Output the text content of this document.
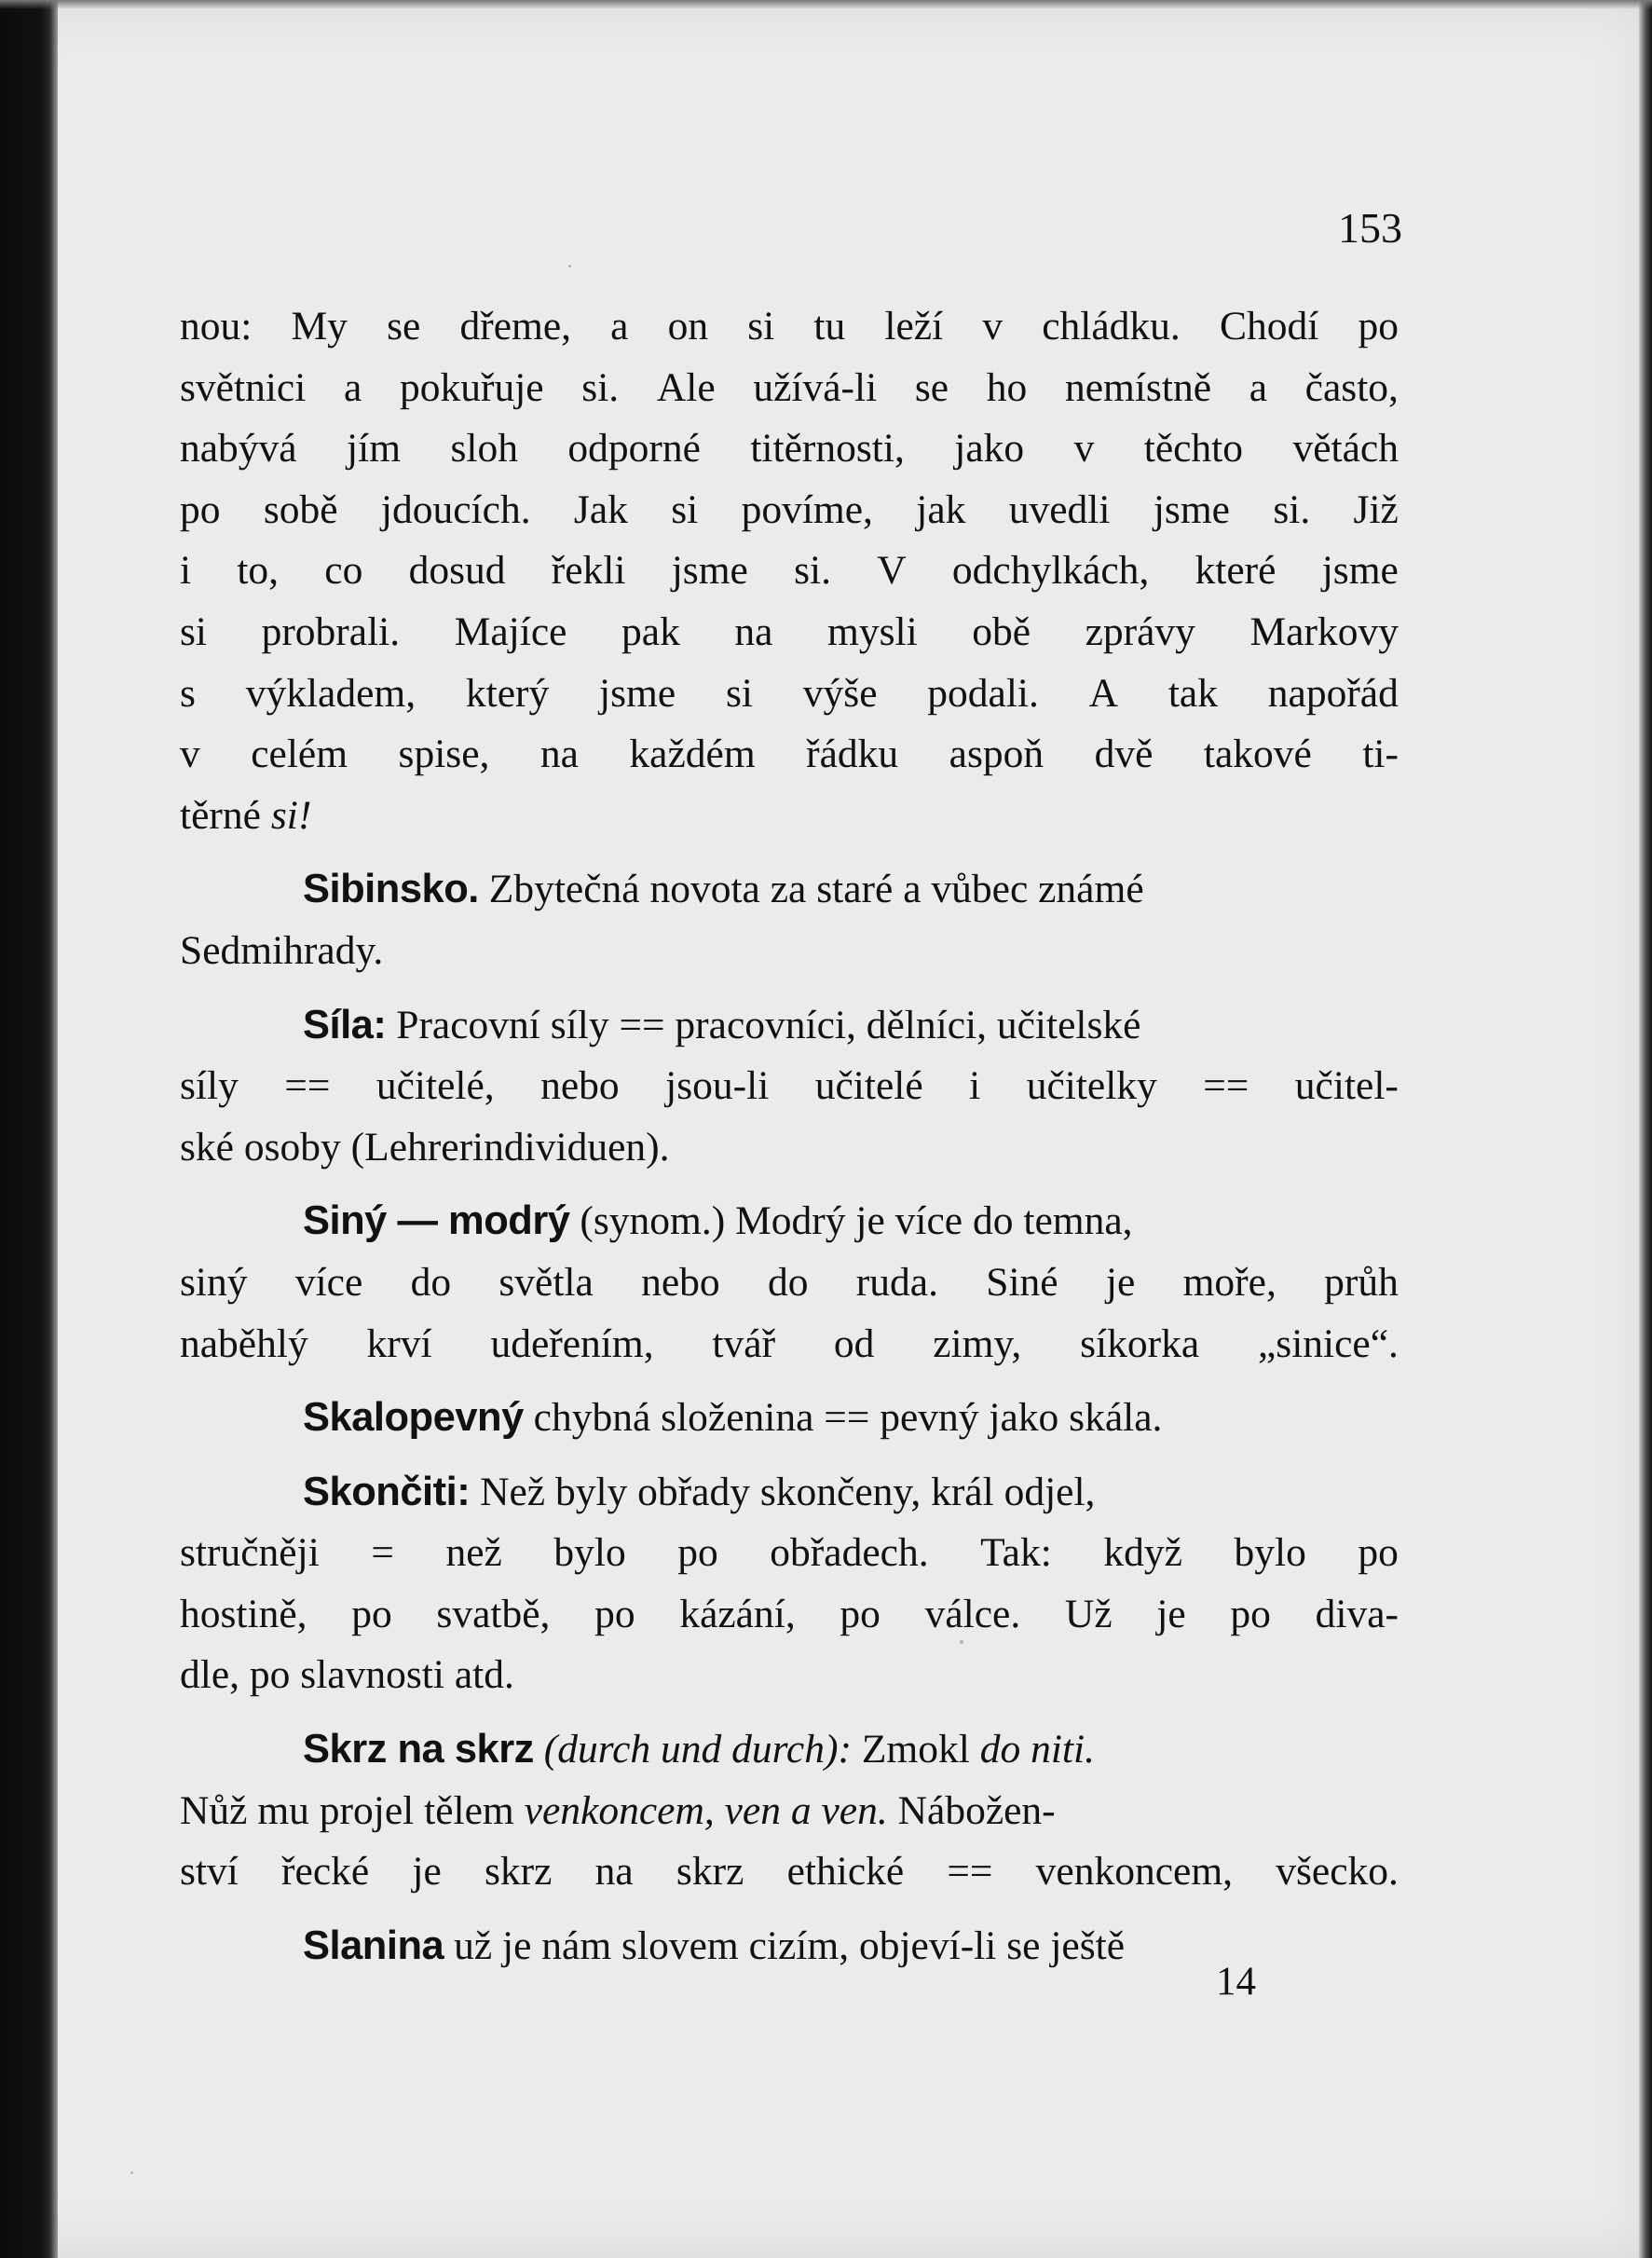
153
nou: My se dřeme, a on si tu leží v chládku. Chodí po
světnici a pokuřuje si. Ale užívá-li se ho nemístně a často,
nabývá jím sloh odporné titěrnosti, jako v těchto větách
po sobě jdoucích. Jak si povíme, jak uvedli jsme si. Již
i to, co dosud řekli jsme si. V odchylkách, které jsme
si probrali. Majíce pak na mysli obě zprávy Markovy
s výkladem, který jsme si výše podali. A tak napořád
v celém spise, na každém řádku aspoň dvě takové ti-
těrné si!
Sibinsko. Zbytečná novota za staré a vůbec známé
Sedmihrady.
Síla: Pracovní síly == pracovníci, dělníci, učitelské
síly == učitelé, nebo jsou-li učitelé i učitelky == učitel-
ské osoby (Lehrerindividuen).
Siný — modrý (synom.) Modrý je více do temna,
siný více do světla nebo do ruda. Siné je moře, průh
naběhlý krví udeřením, tvář od zimy, síkorka „sinice“.
Skalopevný chybná složenina == pevný jako skála.
Skončiti: Než byly obřady skončeny, král odjel,
stručněji = než bylo po obřadech. Tak: když bylo po
hostině, po svatbě, po kázání, po válce. Už je po diva-
dle, po slavnosti atd.
Skrz na skrz (durch und durch): Zmokl do niti.
Nůž mu projel tělem venkoncem, ven a ven. Nábožen-
ství řecké je skrz na skrz ethické == venkoncem, všecko.
Slanina už je nám slovem cizím, objeví-li se ještě
14
